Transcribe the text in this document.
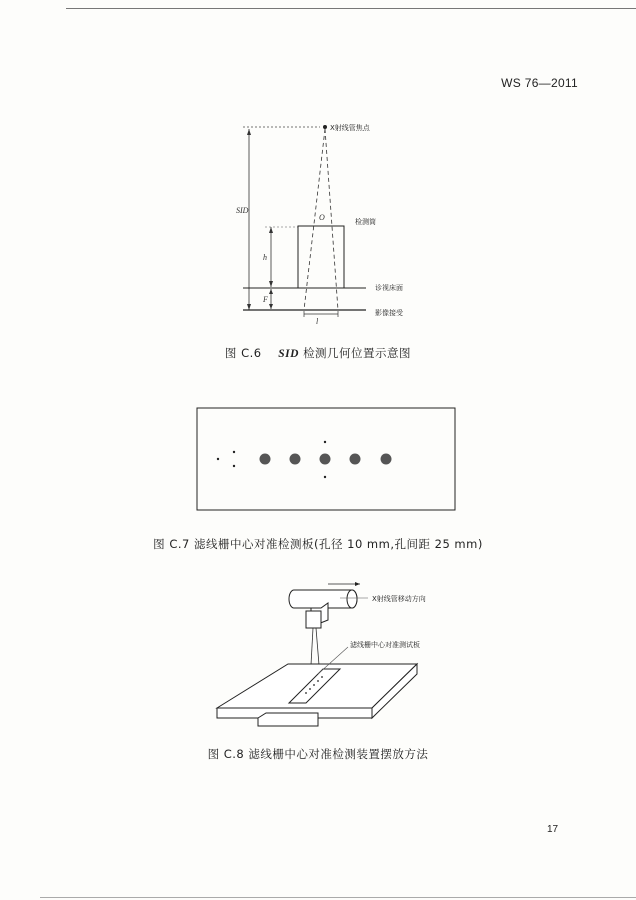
WS 76—2011
SID
h
F
O
l
X射线管焦点
检测筒
诊视床面
影像接受
图 C.6 SID 检测几何位置示意图
图 C.7 滤线栅中心对准检测板(孔径 10 mm,孔间距 25 mm)
X射线管移动方向
滤线栅中心对准测试板
图 C.8 滤线栅中心对准检测装置摆放方法
17
